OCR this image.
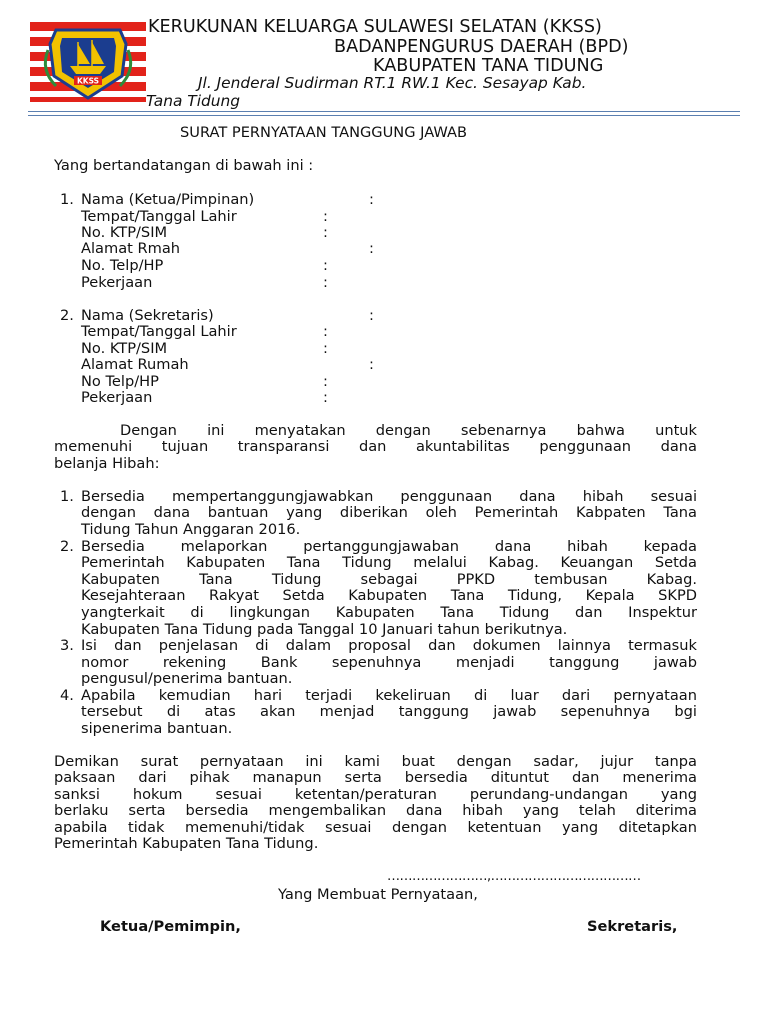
KKSS
KERUKUNAN KELUARGA SULAWESI SELATAN (KKSS)
BADANPENGURUS DAERAH (BPD)
KABUPATEN TANA TIDUNG
Jl. Jenderal Sudirman RT.1 RW.1 Kec. Sesayap Kab.
Tana Tidung
SURAT PERNYATAAN TANGGUNG JAWAB
Yang bertandatangan di bawah ini :
1. Nama (Ketua/Pimpinan)	:
Tempat/Tanggal Lahir	:
No. KTP/SIM	:
Alamat Rmah	:
No. Telp/HP	:
Pekerjaan	:
2. Nama (Sekretaris)	:
Tempat/Tanggal Lahir	:
No. KTP/SIM	:
Alamat Rumah	:
No Telp/HP	:
Pekerjaan	:
Dengan ini menyatakan dengan sebenarnya bahwa untuk
memenuhi tujuan transparansi dan akuntabilitas penggunaan dana
belanja Hibah:
1. Bersedia mempertanggungjawabkan penggunaan dana hibah sesuai
dengan dana bantuan yang diberikan oleh Pemerintah Kabpaten Tana
Tidung Tahun Anggaran 2016.
2. Bersedia melaporkan pertanggungjawaban dana hibah kepada
Pemerintah Kabupaten Tana Tidung melalui Kabag. Keuangan Setda
Kabupaten Tana Tidung sebagai PPKD tembusan Kabag.
Kesejahteraan Rakyat Setda Kabupaten Tana Tidung, Kepala SKPD
yangterkait di lingkungan Kabupaten Tana Tidung dan Inspektur
Kabupaten Tana Tidung pada Tanggal 10 Januari tahun berikutnya.
3. Isi dan penjelasan di dalam proposal dan dokumen lainnya termasuk
nomor rekening Bank sepenuhnya menjadi tanggung jawab
pengusul/penerima bantuan.
4. Apabila kemudian hari terjadi kekeliruan di luar dari pernyataan
tersebut di atas akan menjad tanggung jawab sepenuhnya bgi
sipenerima bantuan.
Demikan surat pernyataan ini kami buat dengan sadar, jujur tanpa
paksaan dari pihak manapun serta bersedia dituntut dan menerima
sanksi hokum sesuai ketentan/peraturan perundang-undangan yang
berlaku serta bersedia mengembalikan dana hibah yang telah diterima
apabila tidak memenuhi/tidak sesuai dengan ketentuan yang ditetapkan
Pemerintah Kabupaten Tana Tidung.
……………………,………………………………
Yang Membuat Pernyataan,
Ketua/Pemimpin,	Sekretaris,
